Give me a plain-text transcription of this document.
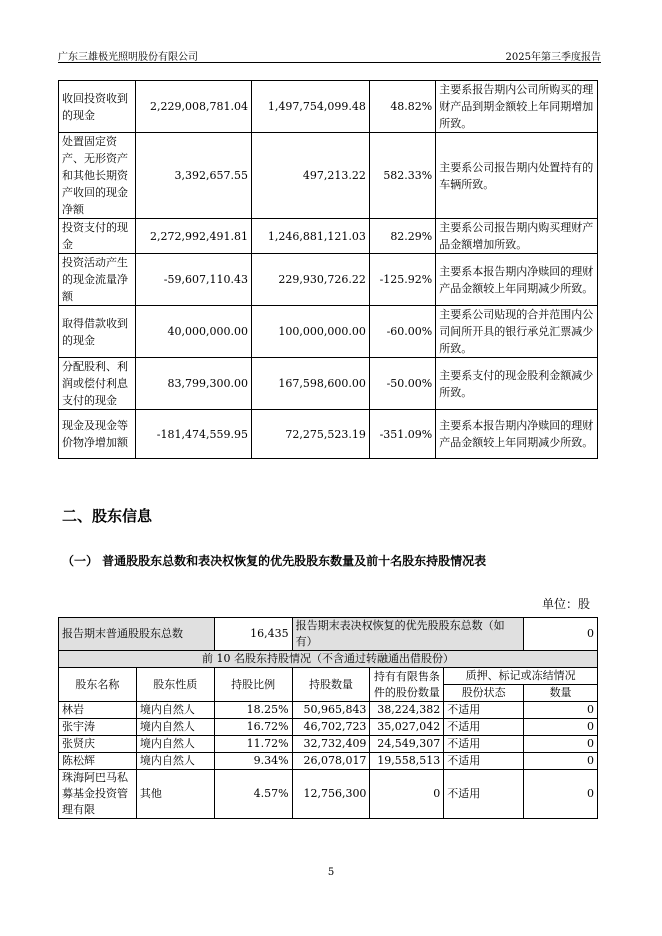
广东三雄极光照明股份有限公司	2025年第三季度报告
收回投资收到的现金	2,229,008,781.04	1,497,754,099.48	48.82%	主要系报告期内公司所购买的理财产品到期金额较上年同期增加所致。
处置固定资产、无形资产和其他长期资产收回的现金净额	3,392,657.55	497,213.22	582.33%	主要系公司报告期内处置持有的车辆所致。
投资支付的现金	2,272,992,491.81	1,246,881,121.03	82.29%	主要系公司报告期内购买理财产品金额增加所致。
投资活动产生的现金流量净额	-59,607,110.43	229,930,726.22	-125.92%	主要系本报告期内净赎回的理财产品金额较上年同期减少所致。
取得借款收到的现金	40,000,000.00	100,000,000.00	-60.00%	主要系公司贴现的合并范围内公司间所开具的银行承兑汇票减少所致。
分配股利、利润或偿付利息支付的现金	83,799,300.00	167,598,600.00	-50.00%	主要系支付的现金股利金额减少所致。
现金及现金等价物净增加额	-181,474,559.95	72,275,523.19	-351.09%	主要系本报告期内净赎回的理财产品金额较上年同期减少所致。
二、股东信息
（一） 普通股股东总数和表决权恢复的优先股股东数量及前十名股东持股情况表
单位：股
报告期末普通股股东总数		16,435	报告期末表决权恢复的优先股股东总数（如有）			0
前 10 名股东持股情况（不含通过转融通出借股份）						
股东名称	股东性质	持股比例	持股数量	持有有限售条件的股份数量	质押、标记或冻结情况	
					股份状态	数量
林岩	境内自然人	18.25%	50,965,843	38,224,382	不适用	0
张宇涛	境内自然人	16.72%	46,702,723	35,027,042	不适用	0
张贤庆	境内自然人	11.72%	32,732,409	24,549,307	不适用	0
陈松辉	境内自然人	9.34%	26,078,017	19,558,513	不适用	0
珠海阿巴马私募基金投资管理有限	其他	4.57%	12,756,300	0	不适用	0
5
